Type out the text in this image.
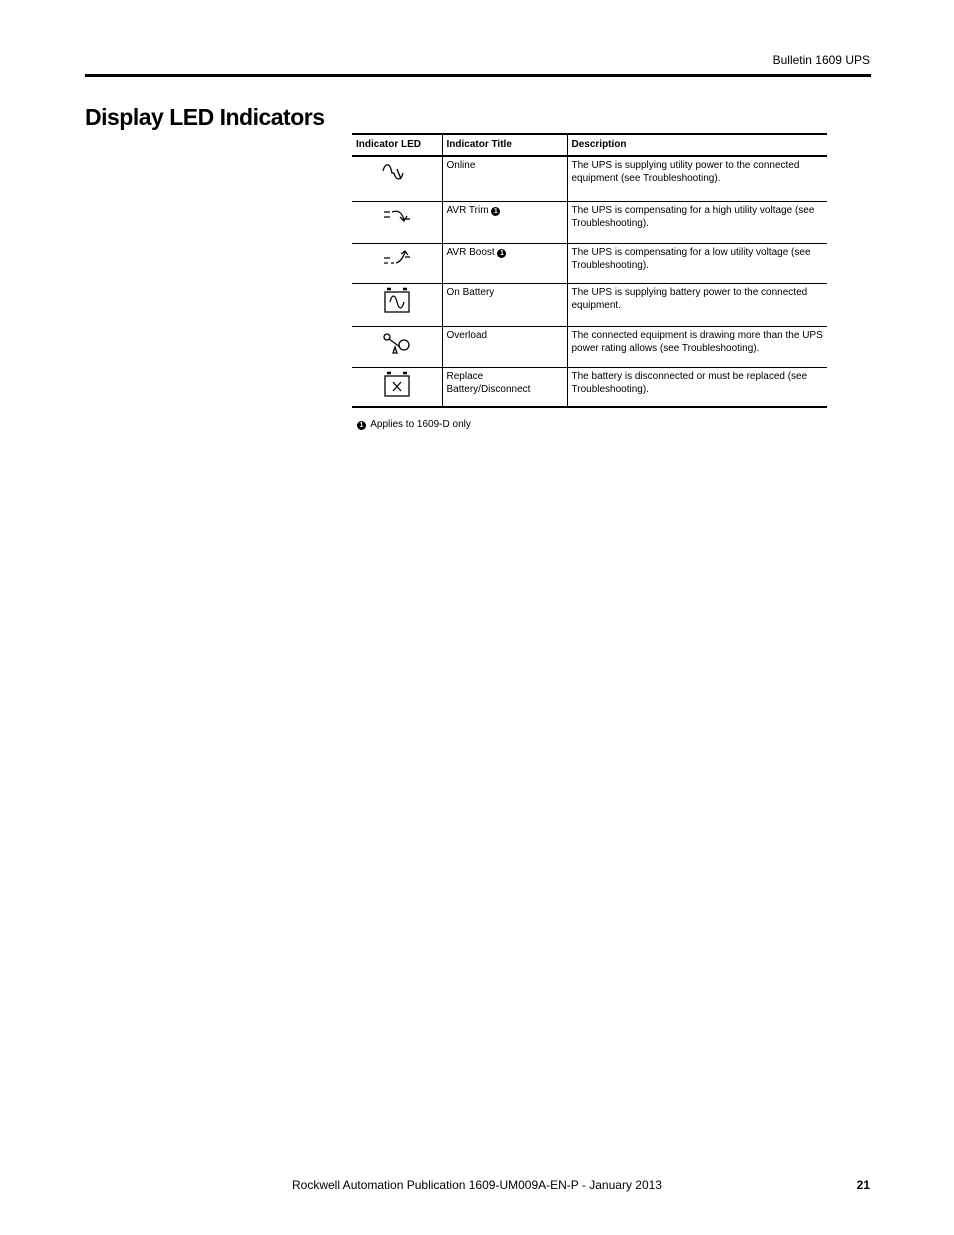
Bulletin 1609 UPS
Display LED Indicators
Indicator LED	Indicator Title	Description
	Online	The UPS is supplying utility power to the connected equipment (see Troubleshooting).
	AVR Trim 1	The UPS is compensating for a high utility voltage (see Troubleshooting).
	AVR Boost 1	The UPS is compensating for a low utility voltage (see Troubleshooting).
	On Battery	The UPS is supplying battery power to the connected equipment.
	Overload	The connected equipment is drawing more than the UPS power rating allows (see Troubleshooting).
	Replace Battery/Disconnect	The battery is disconnected or must be replaced (see Troubleshooting).
1 Applies to 1609-D only
Rockwell Automation Publication 1609-UM009A-EN-P - January 2013	21
